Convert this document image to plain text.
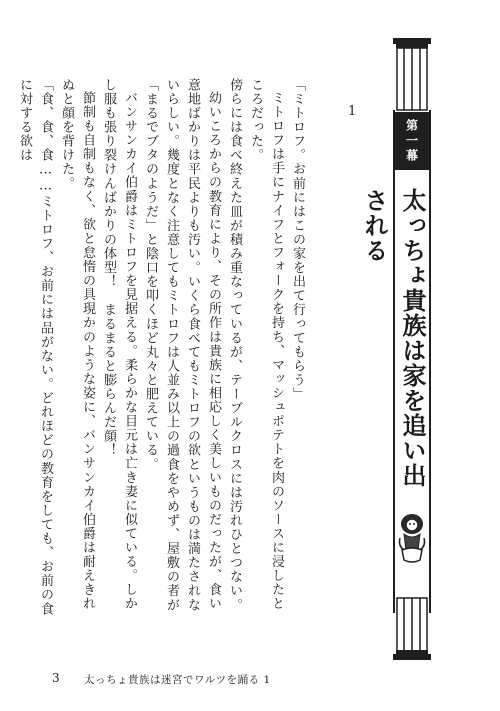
第一幕
太っちょ貴族は家を追い出される
1

「ミトロフ。お前にはこの家を出て行ってもらう」

ミトロフは手にナイフとフォークを持ち、マッシュポテトを肉のソースに浸したところだった。

傍らには食べ終えた皿が積み重なっているが、テーブルクロスには汚れひとつない。

幼いころからの教育により、その所作は貴族に相応しく美しいものだったが、食い意地ばかりは平民よりも汚い。いくら食べてもミトロフの欲というものは満たされないらしい。幾度となく注意してもミトロフは人並み以上の過食をやめず、屋敷の者が「まるでブタのようだ」と陰口を叩くほど丸々と肥えている。

バンサンカイ伯爵はミトロフを見据える。柔らかな目元は亡き妻に似ている。しかし服も張り裂けんばかりの体型！　まるまると膨らんだ顔！

節制も自制もなく、欲と怠惰の具現かのような姿に、バンサンカイ伯爵は耐えきれぬと顔を背けた。

「食、食、食……ミトロフ、お前には品がない。どれほどの教育をしても、お前の食に対する欲は

3 太っちょ貴族は迷宮でワルツを踊る 1
